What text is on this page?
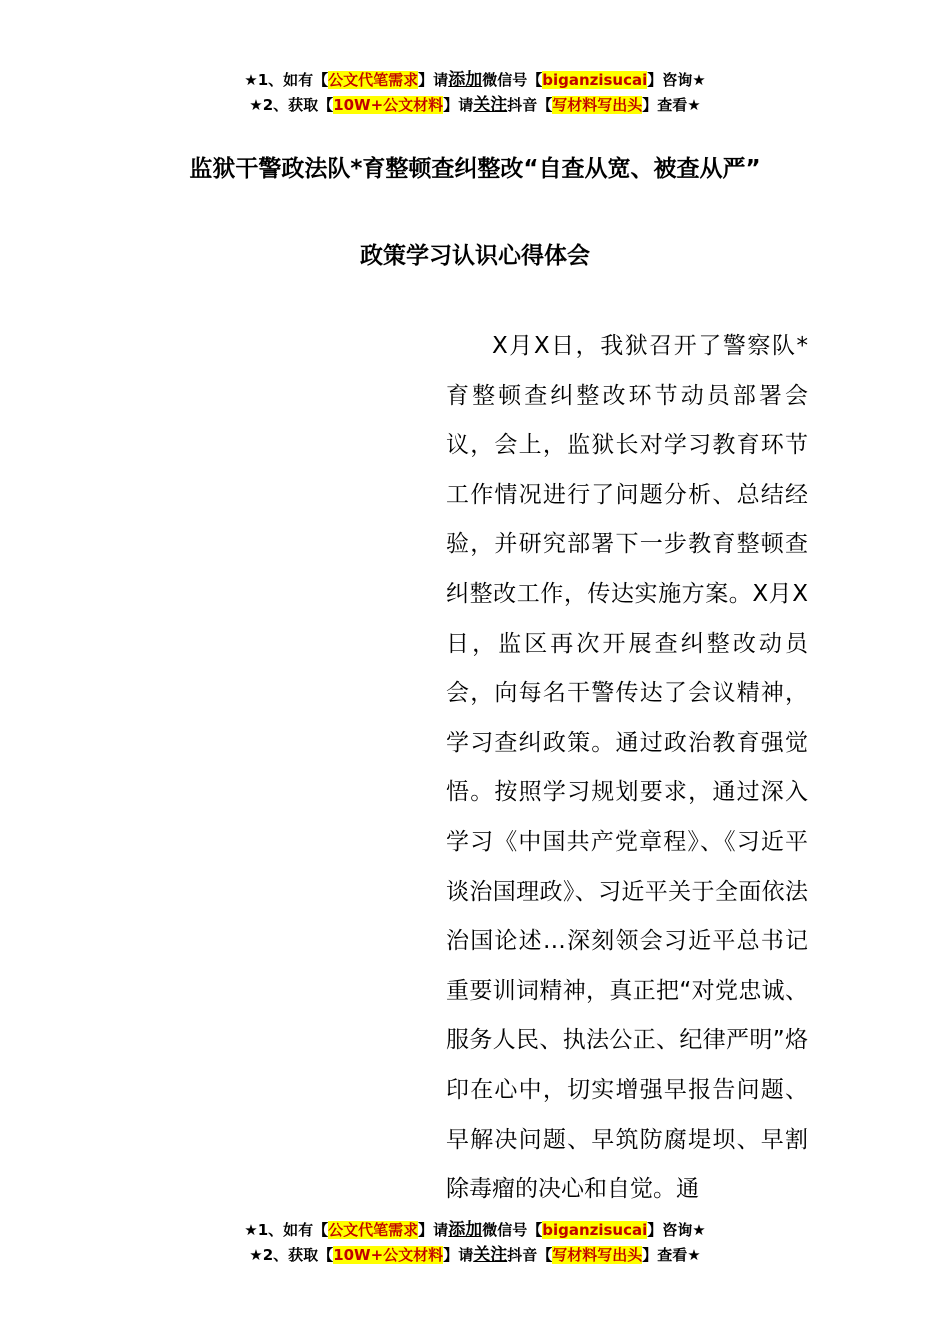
★1、如有【公文代笔需求】请添加微信号【biganzisucai】咨询★
★2、获取【10W+公文材料】请关注抖音【写材料写出头】查看★
监狱干警政法队*育整顿查纠整改“自查从宽、被查从严”
政策学习认识心得体会

X月X日，我狱召开了警察队*育整顿查纠整改环节动员部署会议，会上，监狱长对学习教育环节工作情况进行了问题分析、总结经验，并研究部署下一步教育整顿查纠整改工作，传达实施方案。X月X日，监区再次开展查纠整改动员会，向每名干警传达了会议精神，学习查纠政策。通过政治教育强觉悟。按照学习规划要求，通过深入学习《中国共产党章程》、《习近平谈治国理政》、习近平关于全面依法治国论述…深刻领会习近平总书记重要训词精神，真正把“对党忠诚、服务人民、执法公正、纪律严明”烙印在心中，切实增强早报告问题、早解决问题、早筑防腐堤坝、早割除毒瘤的决心和自觉。通

★1、如有【公文代笔需求】请添加微信号【biganzisucai】咨询★
★2、获取【10W+公文材料】请关注抖音【写材料写出头】查看★
